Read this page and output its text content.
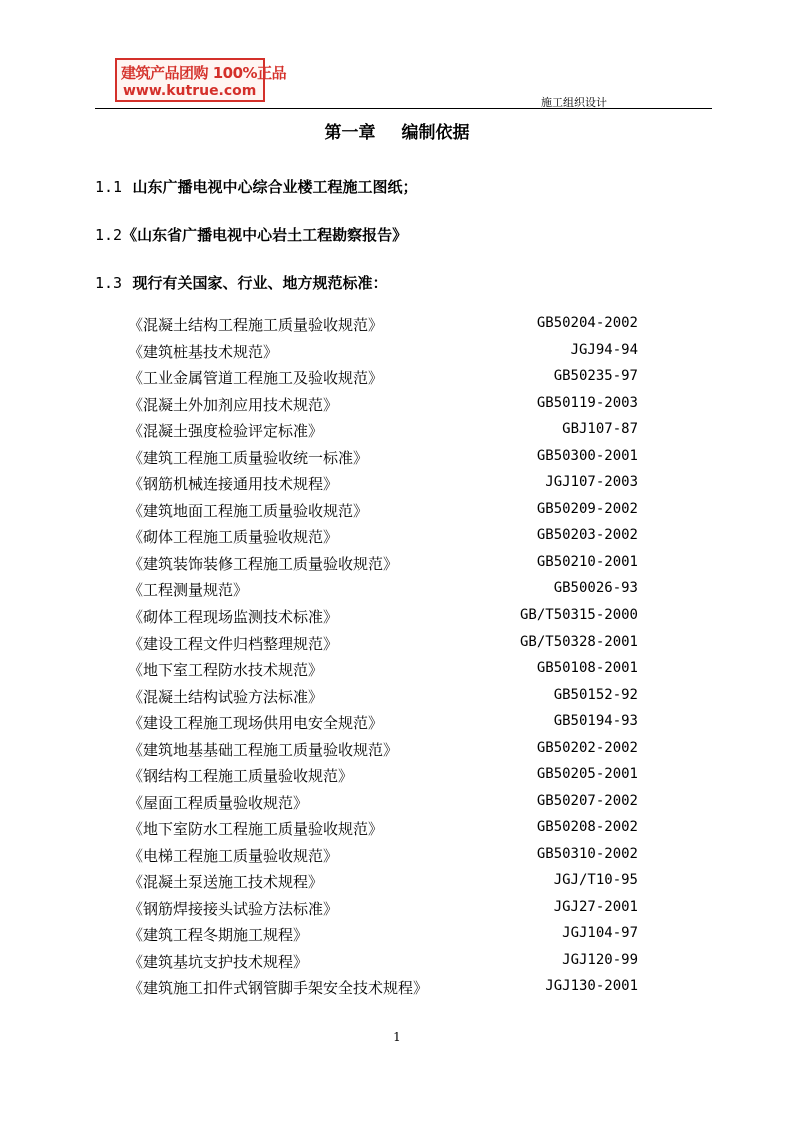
建筑产品团购 100%正品
www.kutrue.com
施工组织设计
第一章 编制依据
1.1 山东广播电视中心综合业楼工程施工图纸；
1.2《山东省广播电视中心岩土工程勘察报告》
1.3 现行有关国家、行业、地方规范标准：
《混凝土结构工程施工质量验收规范》	GB50204-2002
《建筑桩基技术规范》	JGJ94-94
《工业金属管道工程施工及验收规范》	GB50235-97
《混凝土外加剂应用技术规范》	GB50119-2003
《混凝土强度检验评定标准》	GBJ107-87
《建筑工程施工质量验收统一标准》	GB50300-2001
《钢筋机械连接通用技术规程》	JGJ107-2003
《建筑地面工程施工质量验收规范》	GB50209-2002
《砌体工程施工质量验收规范》	GB50203-2002
《建筑装饰装修工程施工质量验收规范》	GB50210-2001
《工程测量规范》	GB50026-93
《砌体工程现场监测技术标准》	GB/T50315-2000
《建设工程文件归档整理规范》	GB/T50328-2001
《地下室工程防水技术规范》	GB50108-2001
《混凝土结构试验方法标准》	GB50152-92
《建设工程施工现场供用电安全规范》	GB50194-93
《建筑地基基础工程施工质量验收规范》	GB50202-2002
《钢结构工程施工质量验收规范》	GB50205-2001
《屋面工程质量验收规范》	GB50207-2002
《地下室防水工程施工质量验收规范》	GB50208-2002
《电梯工程施工质量验收规范》	GB50310-2002
《混凝土泵送施工技术规程》	JGJ/T10-95
《钢筋焊接接头试验方法标准》	JGJ27-2001
《建筑工程冬期施工规程》	JGJ104-97
《建筑基坑支护技术规程》	JGJ120-99
《建筑施工扣件式钢管脚手架安全技术规程》	JGJ130-2001
1
